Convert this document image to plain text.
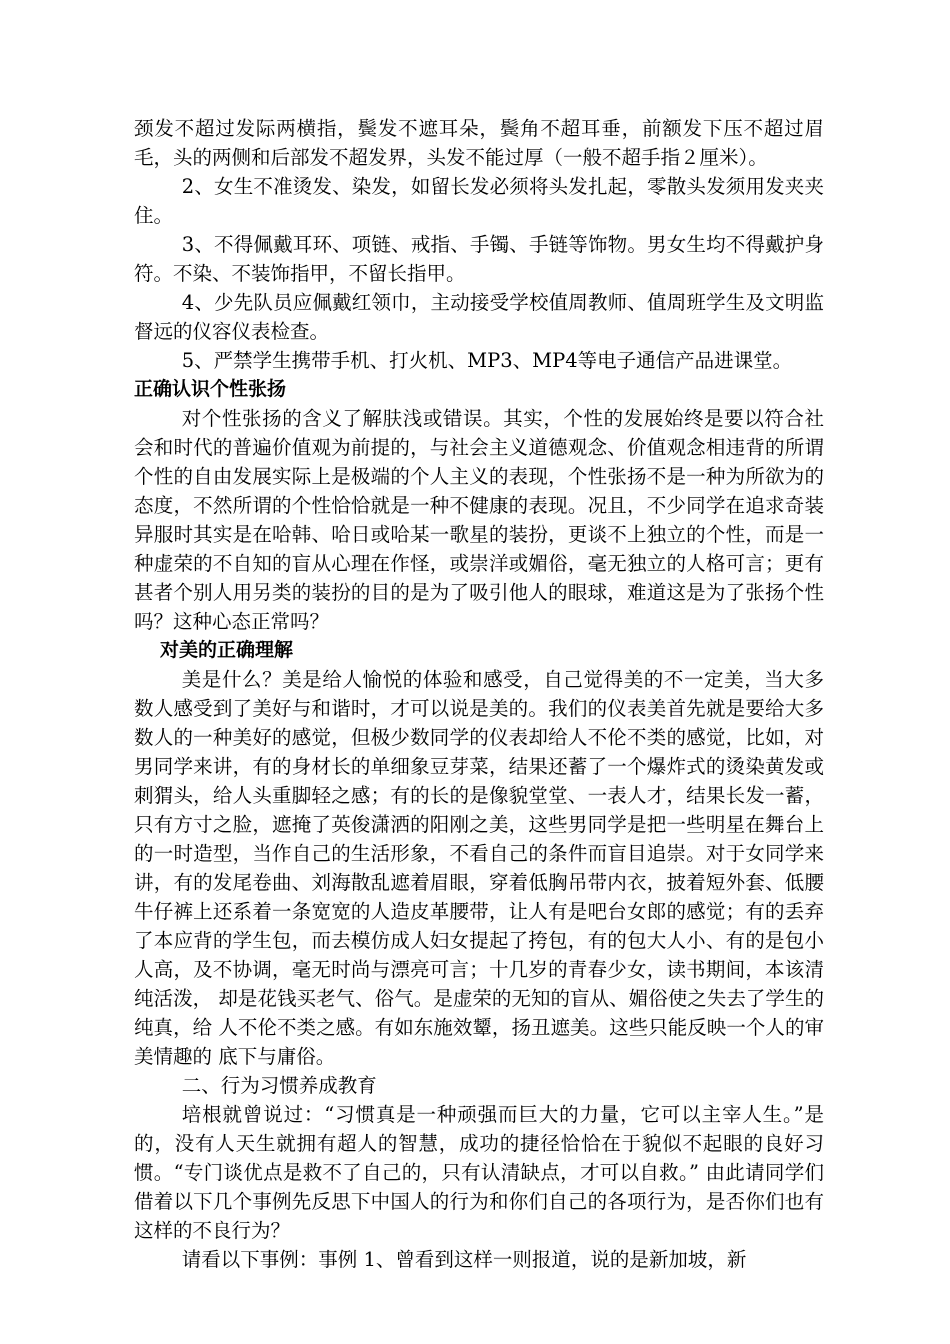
颈发不超过发际两横指，鬓发不遮耳朵，鬓角不超耳垂，前额发下压不超过眉毛，头的两侧和后部发不超发界，头发不能过厚（一般不超手指２厘米）。

2、女生不准烫发、染发，如留长发必须将头发扎起，零散头发须用发夹夹住。

3、不得佩戴耳环、项链、戒指、手镯、手链等饰物。男女生均不得戴护身符。不染、不装饰指甲，不留长指甲。

4、少先队员应佩戴红领巾，主动接受学校值周教师、值周班学生及文明监督远的仪容仪表检查。

5、严禁学生携带手机、打火机、MP3、MP4等电子通信产品进课堂。

正确认识个性张扬

对个性张扬的含义了解肤浅或错误。其实，个性的发展始终是要以符合社会和时代的普遍价值观为前提的，与社会主义道德观念、价值观念相违背的所谓个性的自由发展实际上是极端的个人主义的表现，个性张扬不是一种为所欲为的态度，不然所谓的个性恰恰就是一种不健康的表现。况且，不少同学在追求奇装异服时其实是在哈韩、哈日或哈某一歌星的装扮，更谈不上独立的个性，而是一种虚荣的不自知的盲从心理在作怪，或崇洋或媚俗，毫无独立的人格可言；更有甚者个别人用另类的装扮的目的是为了吸引他人的眼球，难道这是为了张扬个性吗？这种心态正常吗？

对美的正确理解

美是什么？美是给人愉悦的体验和感受，自己觉得美的不一定美，当大多数人感受到了美好与和谐时，才可以说是美的。我们的仪表美首先就是要给大多数人的一种美好的感觉，但极少数同学的仪表却给人不伦不类的感觉，比如，对男同学来讲，有的身材长的单细象豆芽菜，结果还蓄了一个爆炸式的烫染黄发或刺猬头，给人头重脚轻之感；有的长的是像貌堂堂、一表人才，结果长发一蓄，只有方寸之脸，遮掩了英俊潇洒的阳刚之美，这些男同学是把一些明星在舞台上的一时造型，当作自己的生活形象，不看自己的条件而盲目追崇。对于女同学来讲，有的发尾卷曲、刘海散乱遮着眉眼，穿着低胸吊带内衣，披着短外套、低腰牛仔裤上还系着一条宽宽的人造皮革腰带，让人有是吧台女郎的感觉；有的丢弃了本应背的学生包，而去模仿成人妇女提起了挎包，有的包大人小、有的是包小人高，及不协调，毫无时尚与漂亮可言；十几岁的青春少女，读书期间，本该清纯活泼， 却是花钱买老气、俗气。是虚荣的无知的盲从、媚俗使之失去了学生的纯真，给 人不伦不类之感。有如东施效颦，扬丑遮美。这些只能反映一个人的审美情趣的 底下与庸俗。

二、行为习惯养成教育

培根就曾说过：“习惯真是一种顽强而巨大的力量，它可以主宰人生。”是的，没有人天生就拥有超人的智慧，成功的捷径恰恰在于貌似不起眼的良好习惯。“专门谈优点是救不了自己的，只有认清缺点，才可以自救。” 由此请同学们借着以下几个事例先反思下中国人的行为和你们自己的各项行为，是否你们也有这样的不良行为？

请看以下事例：事例 1、曾看到这样一则报道，说的是新加坡，新
